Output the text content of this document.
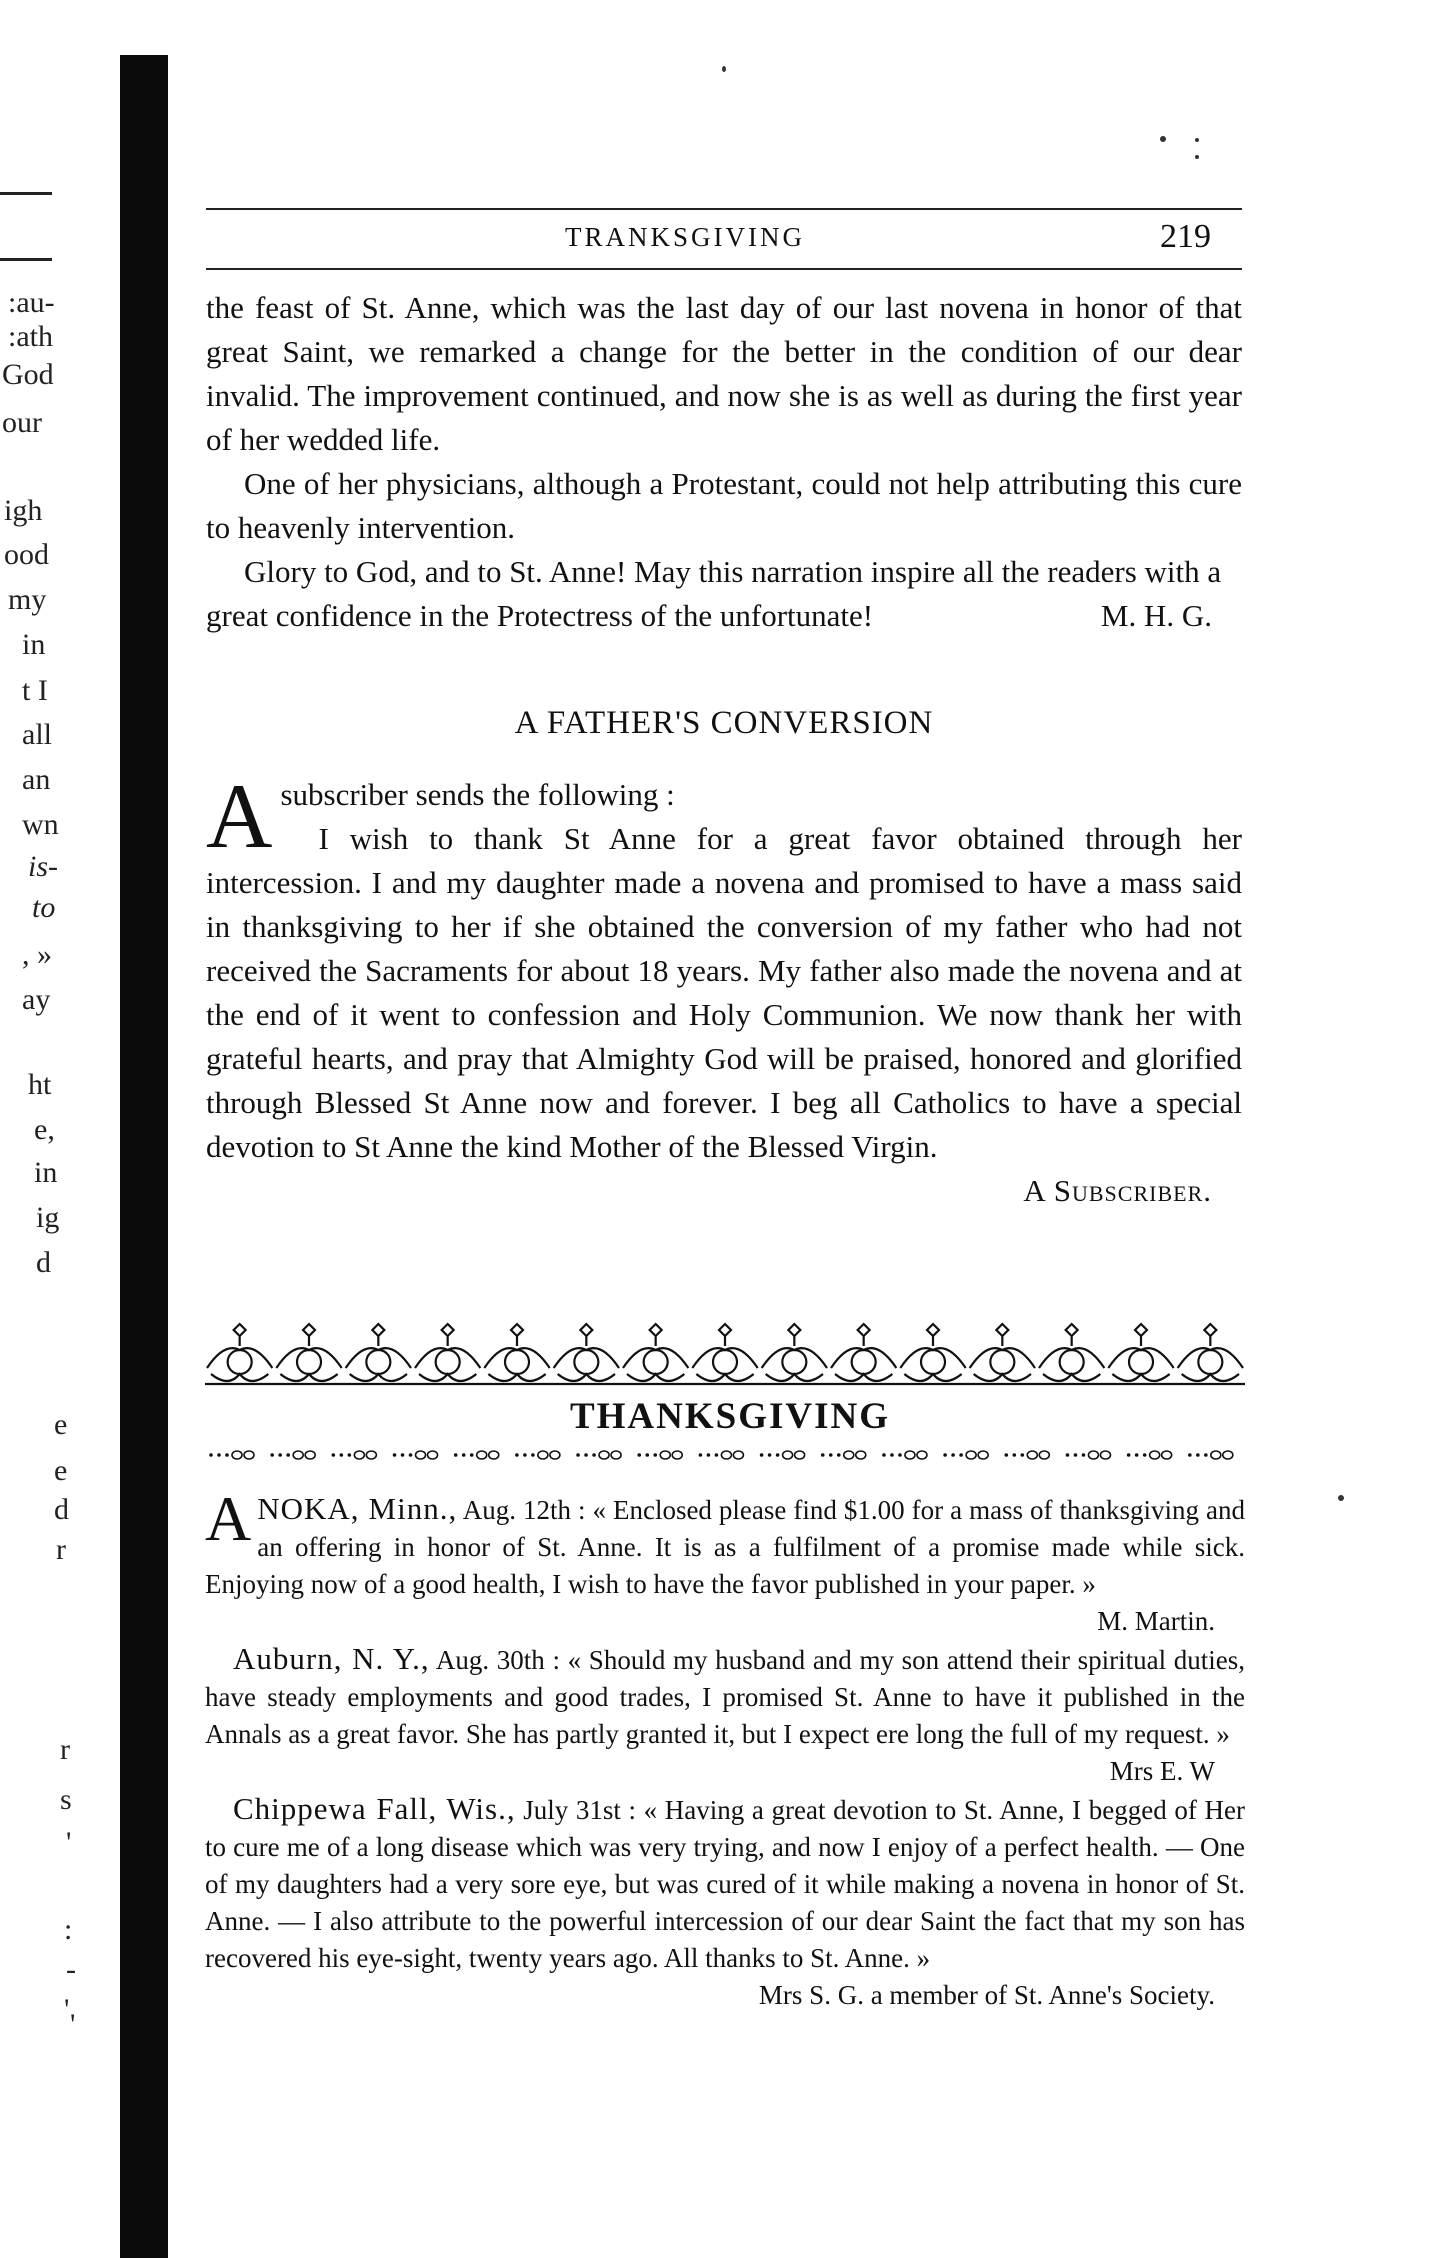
:au-
:ath
God
our
igh
ood
my
in
t I
all
an
wn
is-
to
, »
ay
ht
e,
in
ig
d
e
e
d
r
r
s
'
:
'
-
'
TRANKSGIVING	219

the feast of St. Anne, which was the last day of our last novena in honor of that great Saint, we remarked a change for the better in the condition of our dear invalid. The improvement continued, and now she is as well as during the first year of her wedded life.

One of her physicians, although a Protestant, could not help attributing this cure to heavenly intervention.

Glory to God, and to St. Anne! May this narration inspire all the readers with a great confidence in the Protectress of the unfortunate!	M. H. G.
A FATHER'S CONVERSION
A subscriber sends the following :

I wish to thank St Anne for a great favor obtained through her intercession. I and my daughter made a novena and promised to have a mass said in thanksgiving to her if she obtained the conversion of my father who had not received the Sacraments for about 18 years. My father also made the novena and at the end of it went to confession and Holy Communion. We now thank her with grateful hearts, and pray that Almighty God will be praised, honored and glorified through Blessed St Anne now and forever. I beg all Catholics to have a special devotion to St Anne the kind Mother of the Blessed Virgin.

A Subscriber.
THANKSGIVING

A NOKA, Minn., Aug. 12th : « Enclosed please find $1.00 for a mass of thanksgiving and an offering in honor of St. Anne. It is as a fulfilment of a promise made while sick. Enjoying now of a good health, I wish to have the favor published in your paper. »

M. Martin.

Auburn, N. Y., Aug. 30th : « Should my husband and my son attend their spiritual duties, have steady employments and good trades, I promised St. Anne to have it published in the Annals as a great favor. She has partly granted it, but I expect ere long the full of my request. »

Mrs E. W

Chippewa Fall, Wis., July 31st : « Having a great devotion to St. Anne, I begged of Her to cure me of a long disease which was very trying, and now I enjoy of a perfect health. — One of my daughters had a very sore eye, but was cured of it while making a novena in honor of St. Anne. — I also attribute to the powerful intercession of our dear Saint the fact that my son has recovered his eye-sight, twenty years ago. All thanks to St. Anne. »

Mrs S. G. a member of St. Anne's Society.
